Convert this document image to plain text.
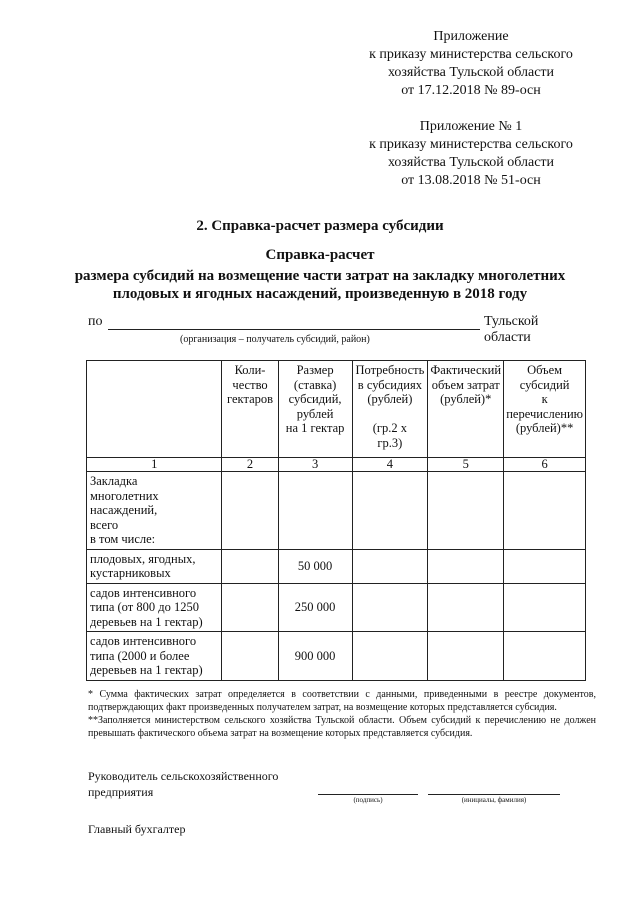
Приложение
к приказу министерства сельского
хозяйства Тульской области
от 17.12.2018 № 89-осн
Приложение № 1
к приказу министерства сельского
хозяйства Тульской области
от 13.08.2018 № 51-осн
2. Справка-расчет размера субсидии
Справка-расчет
размера субсидий на возмещение части затрат на закладку многолетних
плодовых и ягодных насаждений, произведенную в 2018 году
по	Тульской области
(организация – получатель субсидий, район)
	Коли-
чество
гектаров	Размер
(ставка)
субсидий,
рублей
на 1 гектар	Потребность
в субсидиях
(рублей)

(гр.2 х
гр.3)	Фактический
объем затрат
(рублей)*	Объем
субсидий
к
перечислению
(рублей)**
1	2	3	4	5	6
Закладка
многолетних
насаждений,
всего
в том числе:					
плодовых, ягодных,
кустарниковых		50 000			
садов интенсивного
типа (от 800 до 1250
деревьев на 1 гектар)		250 000			
садов интенсивного
типа (2000 и более
деревьев на 1 гектар)		900 000			

* Сумма фактических затрат определяется в соответствии с данными, приведенными в реестре документов, подтверждающих факт произведенных получателем затрат, на возмещение которых представляется субсидия.

**Заполняется министерством сельского хозяйства Тульской области. Объем субсидий к перечислению не должен превышать фактического объема затрат на возмещение которых представляется субсидия.

Руководитель сельскохозяйственного
предприятия
(подпись)	(инициалы, фамилия)
Главный бухгалтер
